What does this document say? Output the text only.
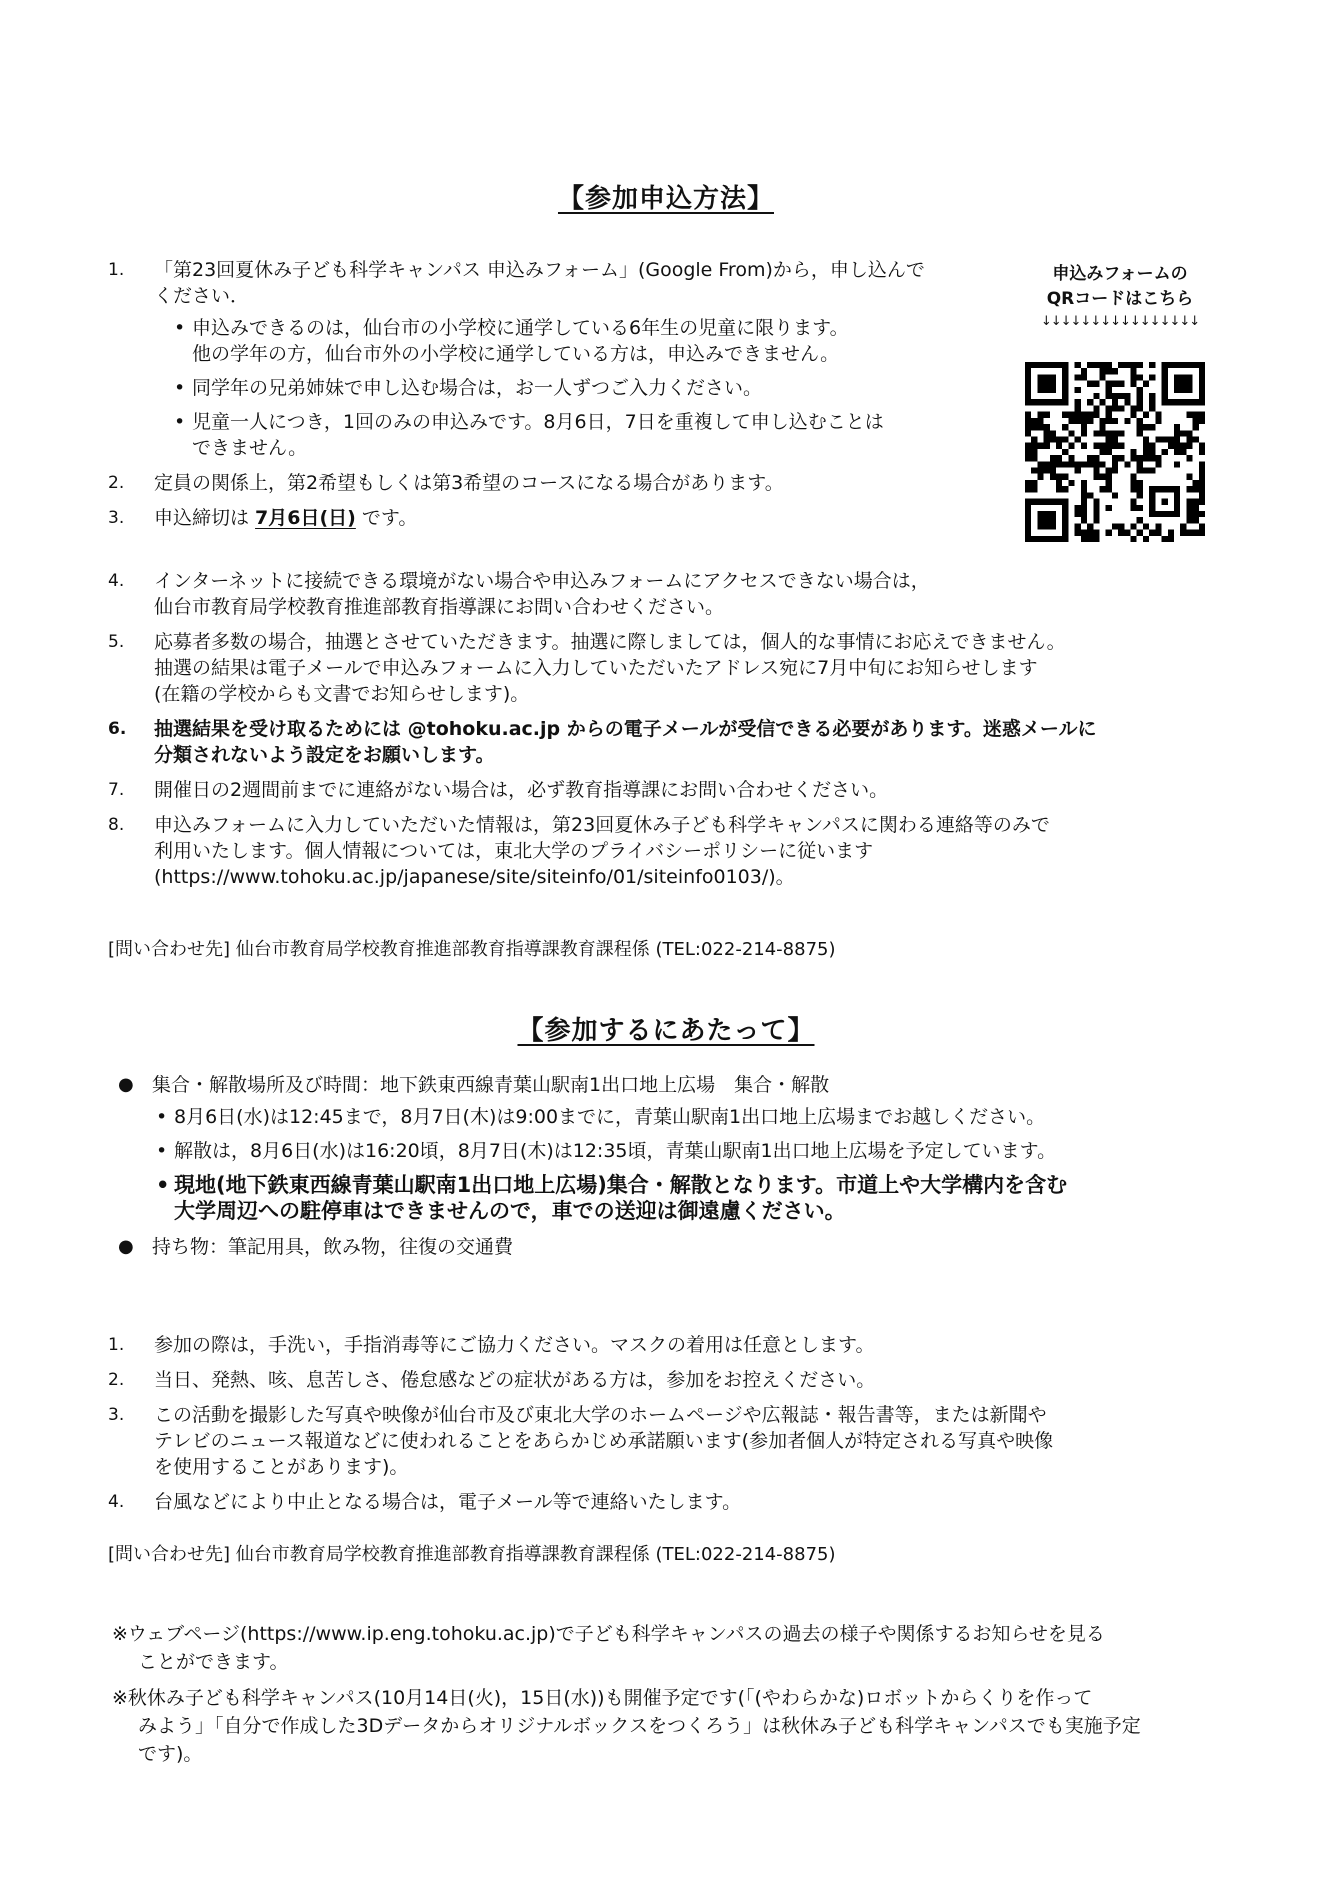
【参加申込方法】
申込みフォームの
QRコードはこちら
↓↓↓↓↓↓↓↓↓↓↓↓↓↓↓↓
1. 「第23回夏休み子ども科学キャンパス 申込みフォーム」(Google From)から，申し込んで
ください．
• 申込みできるのは，仙台市の小学校に通学している6年生の児童に限ります。
他の学年の方，仙台市外の小学校に通学している方は，申込みできません。
• 同学年の兄弟姉妹で申し込む場合は，お一人ずつご入力ください。
• 児童一人につき，1回のみの申込みです。8月6日，7日を重複して申し込むことは
できません。
2. 定員の関係上，第2希望もしくは第3希望のコースになる場合があります。
3. 申込締切は 7月6日(日) です。
4. インターネットに接続できる環境がない場合や申込みフォームにアクセスできない場合は，
仙台市教育局学校教育推進部教育指導課にお問い合わせください。
5. 応募者多数の場合，抽選とさせていただきます。抽選に際しましては，個人的な事情にお応えできません。
抽選の結果は電子メールで申込みフォームに入力していただいたアドレス宛に7月中旬にお知らせします
(在籍の学校からも文書でお知らせします)。
6. 抽選結果を受け取るためには @tohoku.ac.jp からの電子メールが受信できる必要があります。迷惑メールに
分類されないよう設定をお願いします。
7. 開催日の2週間前までに連絡がない場合は，必ず教育指導課にお問い合わせください。
8. 申込みフォームに入力していただいた情報は，第23回夏休み子ども科学キャンパスに関わる連絡等のみで
利用いたします。個人情報については，東北大学のプライバシーポリシーに従います
(https://www.tohoku.ac.jp/japanese/site/siteinfo/01/siteinfo0103/)。
[問い合わせ先] 仙台市教育局学校教育推進部教育指導課教育課程係 (TEL:022-214-8875)
【参加するにあたって】
● 集合・解散場所及び時間：地下鉄東西線青葉山駅南1出口地上広場　集合・解散
• 8月6日(水)は12:45まで，8月7日(木)は9:00までに，青葉山駅南1出口地上広場までお越しください。
• 解散は，8月6日(水)は16:20頃，8月7日(木)は12:35頃，青葉山駅南1出口地上広場を予定しています。
• 現地(地下鉄東西線青葉山駅南1出口地上広場)集合・解散となります。市道上や大学構内を含む
大学周辺への駐停車はできませんので，車での送迎は御遠慮ください。
● 持ち物：筆記用具，飲み物，往復の交通費
1. 参加の際は，手洗い，手指消毒等にご協力ください。マスクの着用は任意とします。
2. 当日、発熱、咳、息苦しさ、倦怠感などの症状がある方は，参加をお控えください。
3. この活動を撮影した写真や映像が仙台市及び東北大学のホームページや広報誌・報告書等，または新聞や
テレビのニュース報道などに使われることをあらかじめ承諾願います(参加者個人が特定される写真や映像
を使用することがあります)。
4. 台風などにより中止となる場合は，電子メール等で連絡いたします。
[問い合わせ先] 仙台市教育局学校教育推進部教育指導課教育課程係 (TEL:022-214-8875)

※ウェブページ(https://www.ip.eng.tohoku.ac.jp)で子ども科学キャンパスの過去の様子や関係するお知らせを見る
ことができます。

※秋休み子ども科学キャンパス(10月14日(火)，15日(水))も開催予定です(「(やわらかな)ロボットからくりを作って
みよう」「自分で作成した3Dデータからオリジナルボックスをつくろう」は秋休み子ども科学キャンパスでも実施予定
です)。
